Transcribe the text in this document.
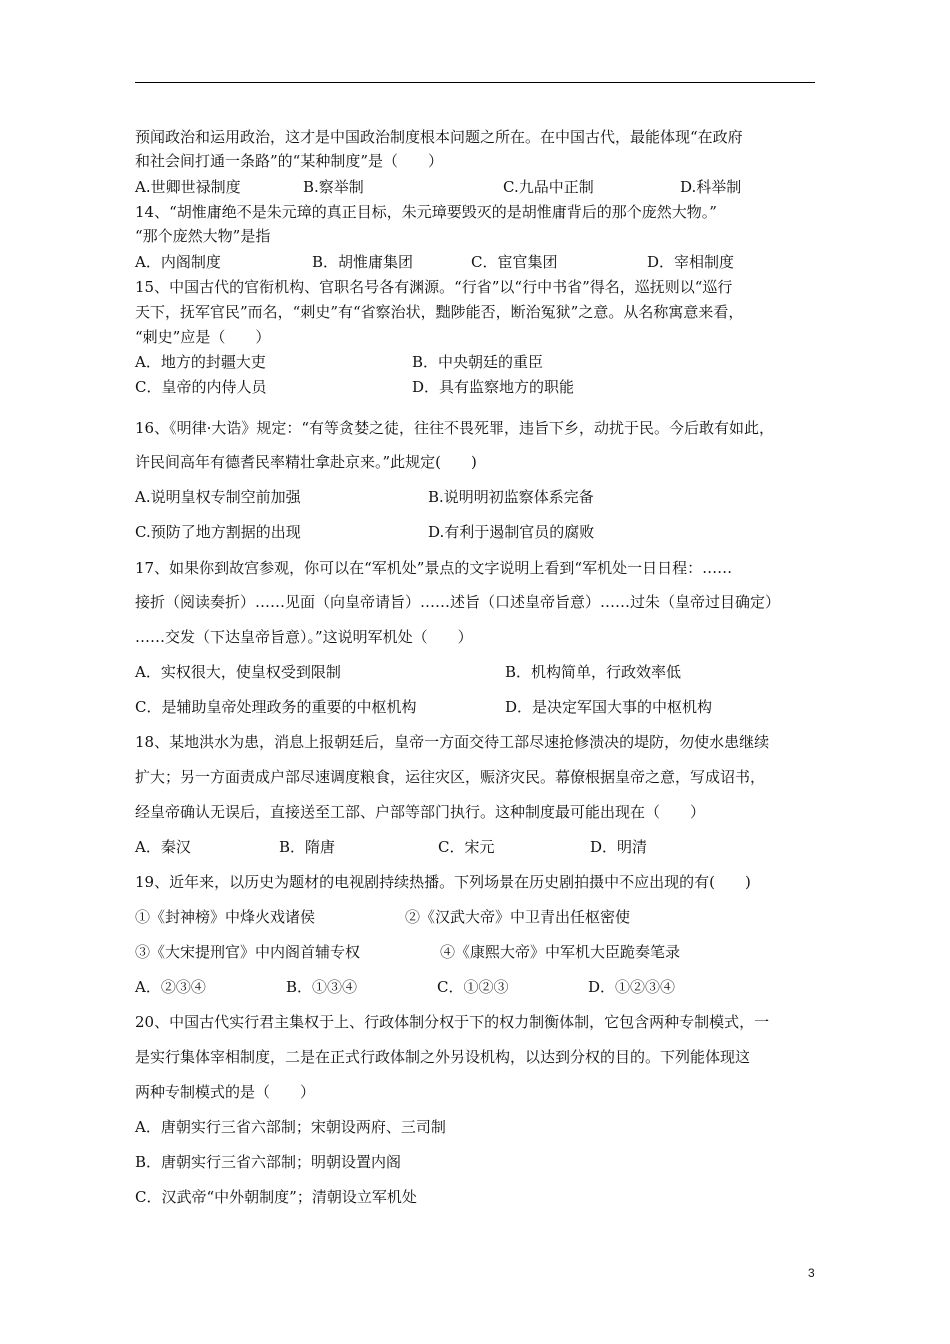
预闻政治和运用政治，这才是中国政治制度根本问题之所在。在中国古代，最能体现“在政府
和社会间打通一条路”的“某种制度”是（　　）
A.世卿世禄制度	B.察举制	C.九品中正制	D.科举制
14、“胡惟庸绝不是朱元璋的真正目标，朱元璋要毁灭的是胡惟庸背后的那个庞然大物。”
“那个庞然大物”是指
A．内阁制度	B．胡惟庸集团	C．宦官集团	D．宰相制度
15、中国古代的官衔机构、官职名号各有渊源。“行省”以“行中书省”得名，巡抚则以“巡行
天下，抚军官民”而名，“刺史”有“省察治状，黜陟能否，断治冤狱”之意。从名称寓意来看，
“刺史”应是（　　）
A．地方的封疆大吏	B．中央朝廷的重臣
C．皇帝的内侍人员	D．具有监察地方的职能
16、《明律·大诰》规定：“有等贪婪之徒，往往不畏死罪，违旨下乡，动扰于民。今后敢有如此，
许民间高年有德耆民率精壮拿赴京来。”此规定(　　)
A.说明皇权专制空前加强	B.说明明初监察体系完备
C.预防了地方割据的出现	D.有利于遏制官员的腐败
17、如果你到故宫参观，你可以在“军机处”景点的文字说明上看到“军机处一日日程：……
接折（阅读奏折）……见面（向皇帝请旨）……述旨（口述皇帝旨意）……过朱（皇帝过目确定）
……交发（下达皇帝旨意）。”这说明军机处（　　）
A．实权很大，使皇权受到限制	B．机构简单，行政效率低
C．是辅助皇帝处理政务的重要的中枢机构	D．是决定军国大事的中枢机构
18、某地洪水为患，消息上报朝廷后，皇帝一方面交待工部尽速抢修溃决的堤防，勿使水患继续
扩大；另一方面责成户部尽速调度粮食，运往灾区，赈济灾民。幕僚根据皇帝之意，写成诏书，
经皇帝确认无误后，直接送至工部、户部等部门执行。这种制度最可能出现在（　　）
A．秦汉	B．隋唐	C．宋元	D．明清
19、近年来，以历史为题材的电视剧持续热播。下列场景在历史剧拍摄中不应出现的有(　　)
①《封神榜》中烽火戏诸侯	②《汉武大帝》中卫青出任枢密使
③《大宋提刑官》中内阁首辅专权	④《康熙大帝》中军机大臣跪奏笔录
A．②③④	B．①③④	C．①②③	D．①②③④
20、中国古代实行君主集权于上、行政体制分权于下的权力制衡体制，它包含两种专制模式，一
是实行集体宰相制度，二是在正式行政体制之外另设机构，以达到分权的目的。下列能体现这
两种专制模式的是（　　）
A．唐朝实行三省六部制；宋朝设两府、三司制
B．唐朝实行三省六部制；明朝设置内阁
C．汉武帝“中外朝制度”；清朝设立军机处
3
